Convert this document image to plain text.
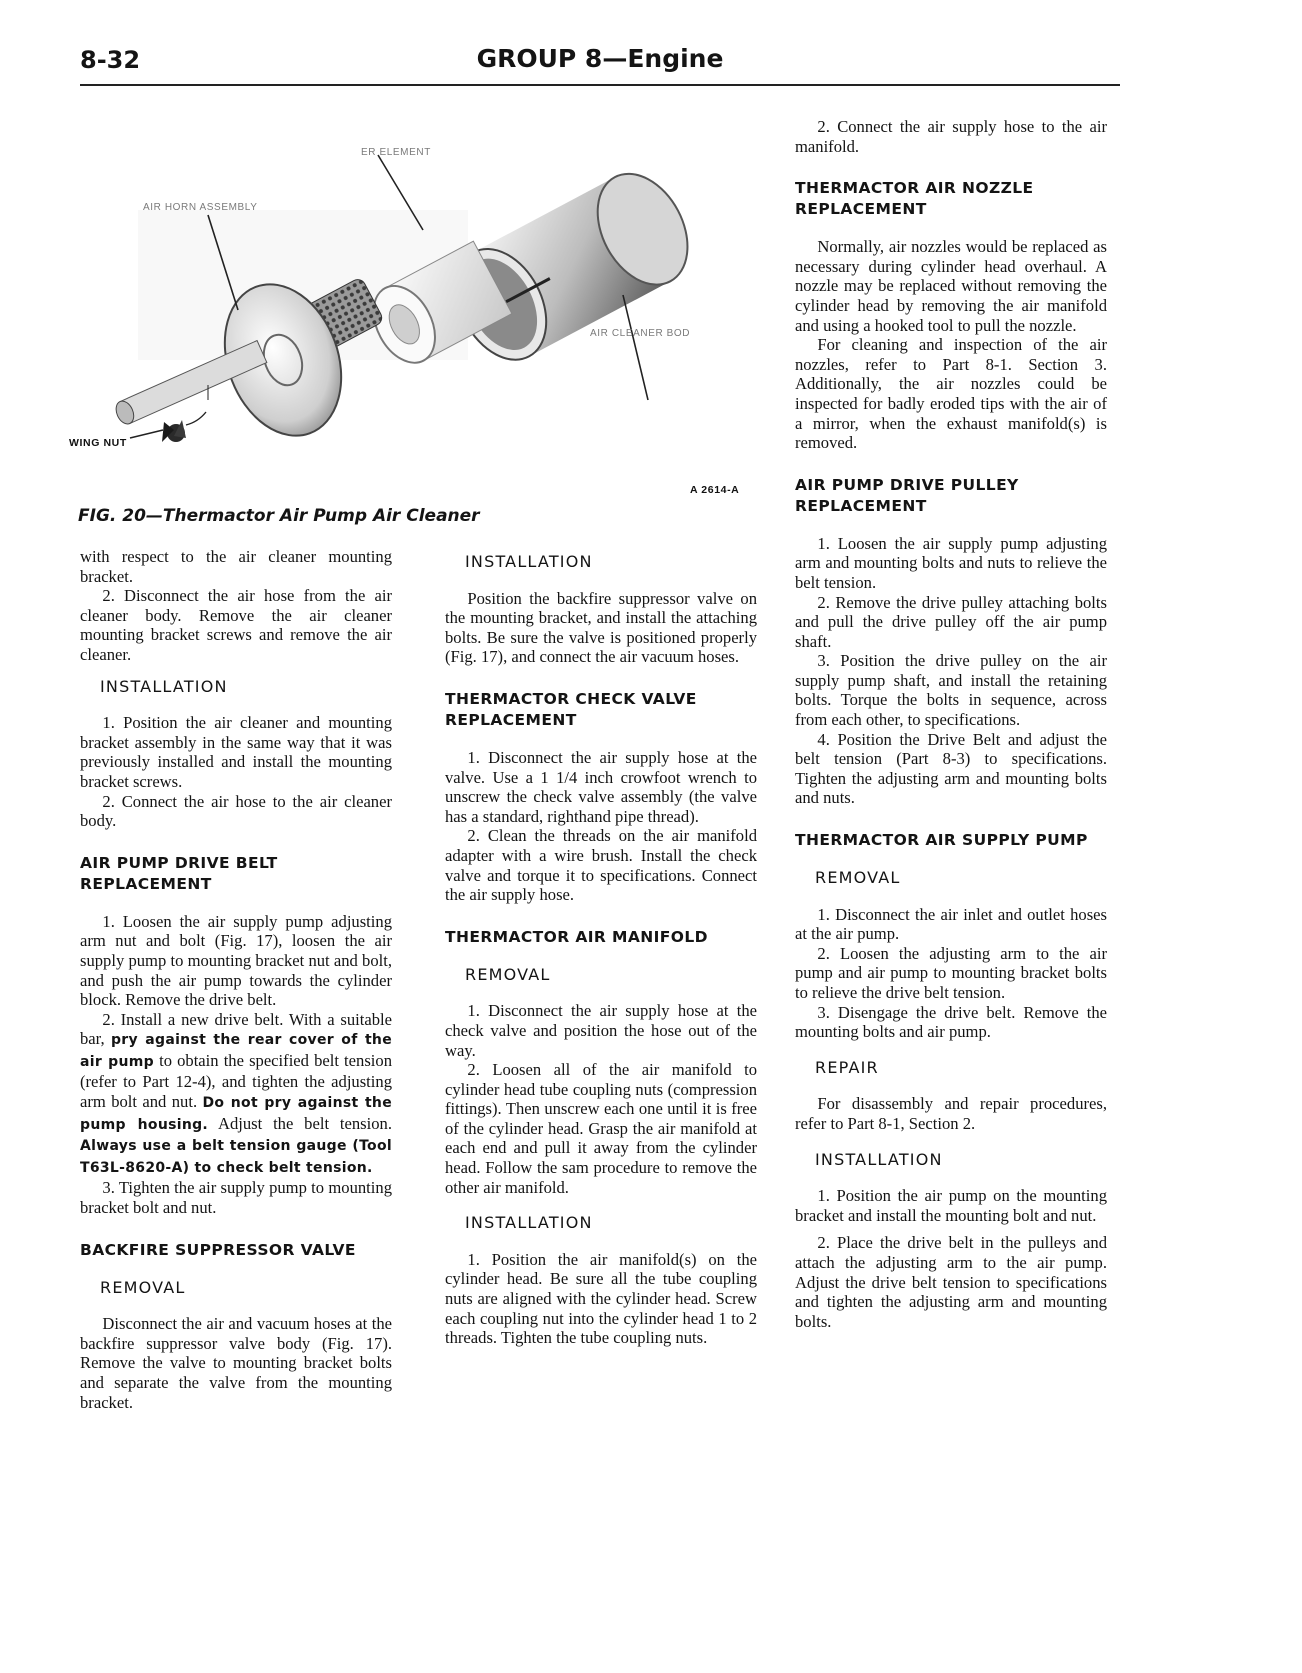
8-32	GROUP 8—Engine
ER ELEMENT
AIR HORN ASSEMBLY
AIR CLEANER BOD
WING NUT
A 2614-A
FIG. 20—Thermactor Air Pump Air Cleaner

with respect to the air cleaner mounting bracket.

2. Disconnect the air hose from the air cleaner body. Remove the air cleaner mounting bracket screws and remove the air cleaner.

INSTALLATION

1. Position the air cleaner and mounting bracket assembly in the same way that it was previously installed and install the mounting bracket screws.

2. Connect the air hose to the air cleaner body.

AIR PUMP DRIVE BELT REPLACEMENT

1. Loosen the air supply pump adjusting arm nut and bolt (Fig. 17), loosen the air supply pump to mounting bracket nut and bolt, and push the air pump towards the cylinder block. Remove the drive belt.

2. Install a new drive belt. With a suitable bar, pry against the rear cover of the air pump to obtain the specified belt tension (refer to Part 12-4), and tighten the adjusting arm bolt and nut. Do not pry against the pump housing. Adjust the belt tension. Always use a belt tension gauge (Tool T63L-8620-A) to check belt tension.

3. Tighten the air supply pump to mounting bracket bolt and nut.

BACKFIRE SUPPRESSOR VALVE
REMOVAL

Disconnect the air and vacuum hoses at the backfire suppressor valve body (Fig. 17). Remove the valve to mounting bracket bolts and separate the valve from the mounting bracket.

INSTALLATION

Position the backfire suppressor valve on the mounting bracket, and install the attaching bolts. Be sure the valve is positioned properly (Fig. 17), and connect the air vacuum hoses.

THERMACTOR CHECK VALVE REPLACEMENT

1. Disconnect the air supply hose at the valve. Use a 1 1/4 inch crowfoot wrench to unscrew the check valve assembly (the valve has a standard, righthand pipe thread).

2. Clean the threads on the air manifold adapter with a wire brush. Install the check valve and torque it to specifications. Connect the air supply hose.

THERMACTOR AIR MANIFOLD
REMOVAL

1. Disconnect the air supply hose at the check valve and position the hose out of the way.

2. Loosen all of the air manifold to cylinder head tube coupling nuts (compression fittings). Then unscrew each one until it is free of the cylinder head. Grasp the air manifold at each end and pull it away from the cylinder head. Follow the sam procedure to remove the other air manifold.

INSTALLATION

1. Position the air manifold(s) on the cylinder head. Be sure all the tube coupling nuts are aligned with the cylinder head. Screw each coupling nut into the cylinder head 1 to 2 threads. Tighten the tube coupling nuts.

2. Connect the air supply hose to the air manifold.

THERMACTOR AIR NOZZLE REPLACEMENT

Normally, air nozzles would be replaced as necessary during cylinder head overhaul. A nozzle may be replaced without removing the cylinder head by removing the air manifold and using a hooked tool to pull the nozzle.

For cleaning and inspection of the air nozzles, refer to Part 8-1. Section 3. Additionally, the air nozzles could be inspected for badly eroded tips with the air of a mirror, when the exhaust manifold(s) is removed.

AIR PUMP DRIVE PULLEY REPLACEMENT

1. Loosen the air supply pump adjusting arm and mounting bolts and nuts to relieve the belt tension.

2. Remove the drive pulley attaching bolts and pull the drive pulley off the air pump shaft.

3. Position the drive pulley on the air supply pump shaft, and install the retaining bolts. Torque the bolts in sequence, across from each other, to specifications.

4. Position the Drive Belt and adjust the belt tension (Part 8-3) to specifications. Tighten the adjusting arm and mounting bolts and nuts.

THERMACTOR AIR SUPPLY PUMP
REMOVAL

1. Disconnect the air inlet and outlet hoses at the air pump.

2. Loosen the adjusting arm to the air pump and air pump to mounting bracket bolts to relieve the drive belt tension.

3. Disengage the drive belt. Remove the mounting bolts and air pump.

REPAIR

For disassembly and repair procedures, refer to Part 8-1, Section 2.

INSTALLATION

1. Position the air pump on the mounting bracket and install the mounting bolt and nut.

2. Place the drive belt in the pulleys and attach the adjusting arm to the air pump. Adjust the drive belt tension to specifications and tighten the adjusting arm and mounting bolts.
